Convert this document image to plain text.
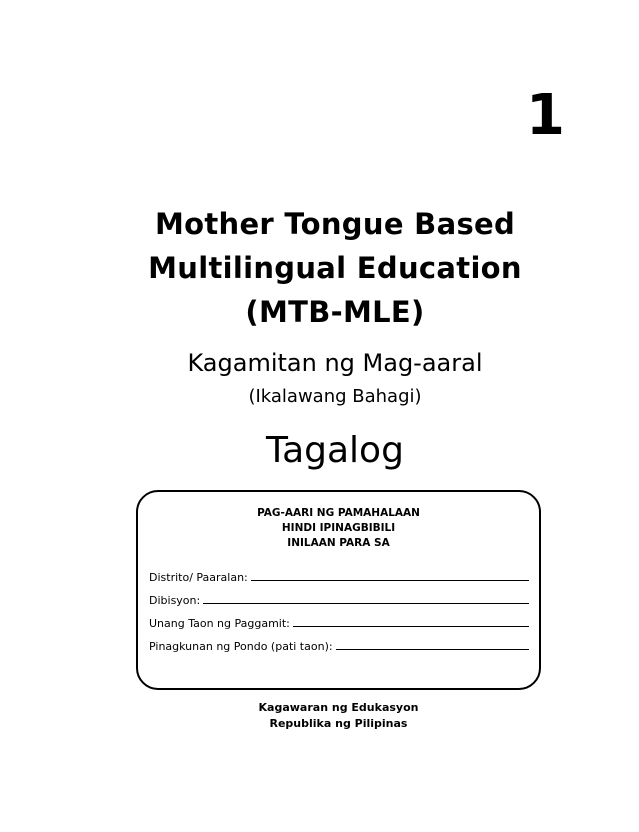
1
Mother Tongue Based
Multilingual Education
(MTB-MLE)
Kagamitan ng Mag-aaral
(Ikalawang Bahagi)
Tagalog
PAG-AARI NG PAMAHALAAN
HINDI IPINAGBIBILI
INILAAN PARA SA
Distrito/ Paaralan:
Dibisyon:
Unang Taon ng Paggamit:
Pinagkunan ng Pondo (pati taon):
Kagawaran ng Edukasyon
Republika ng Pilipinas
